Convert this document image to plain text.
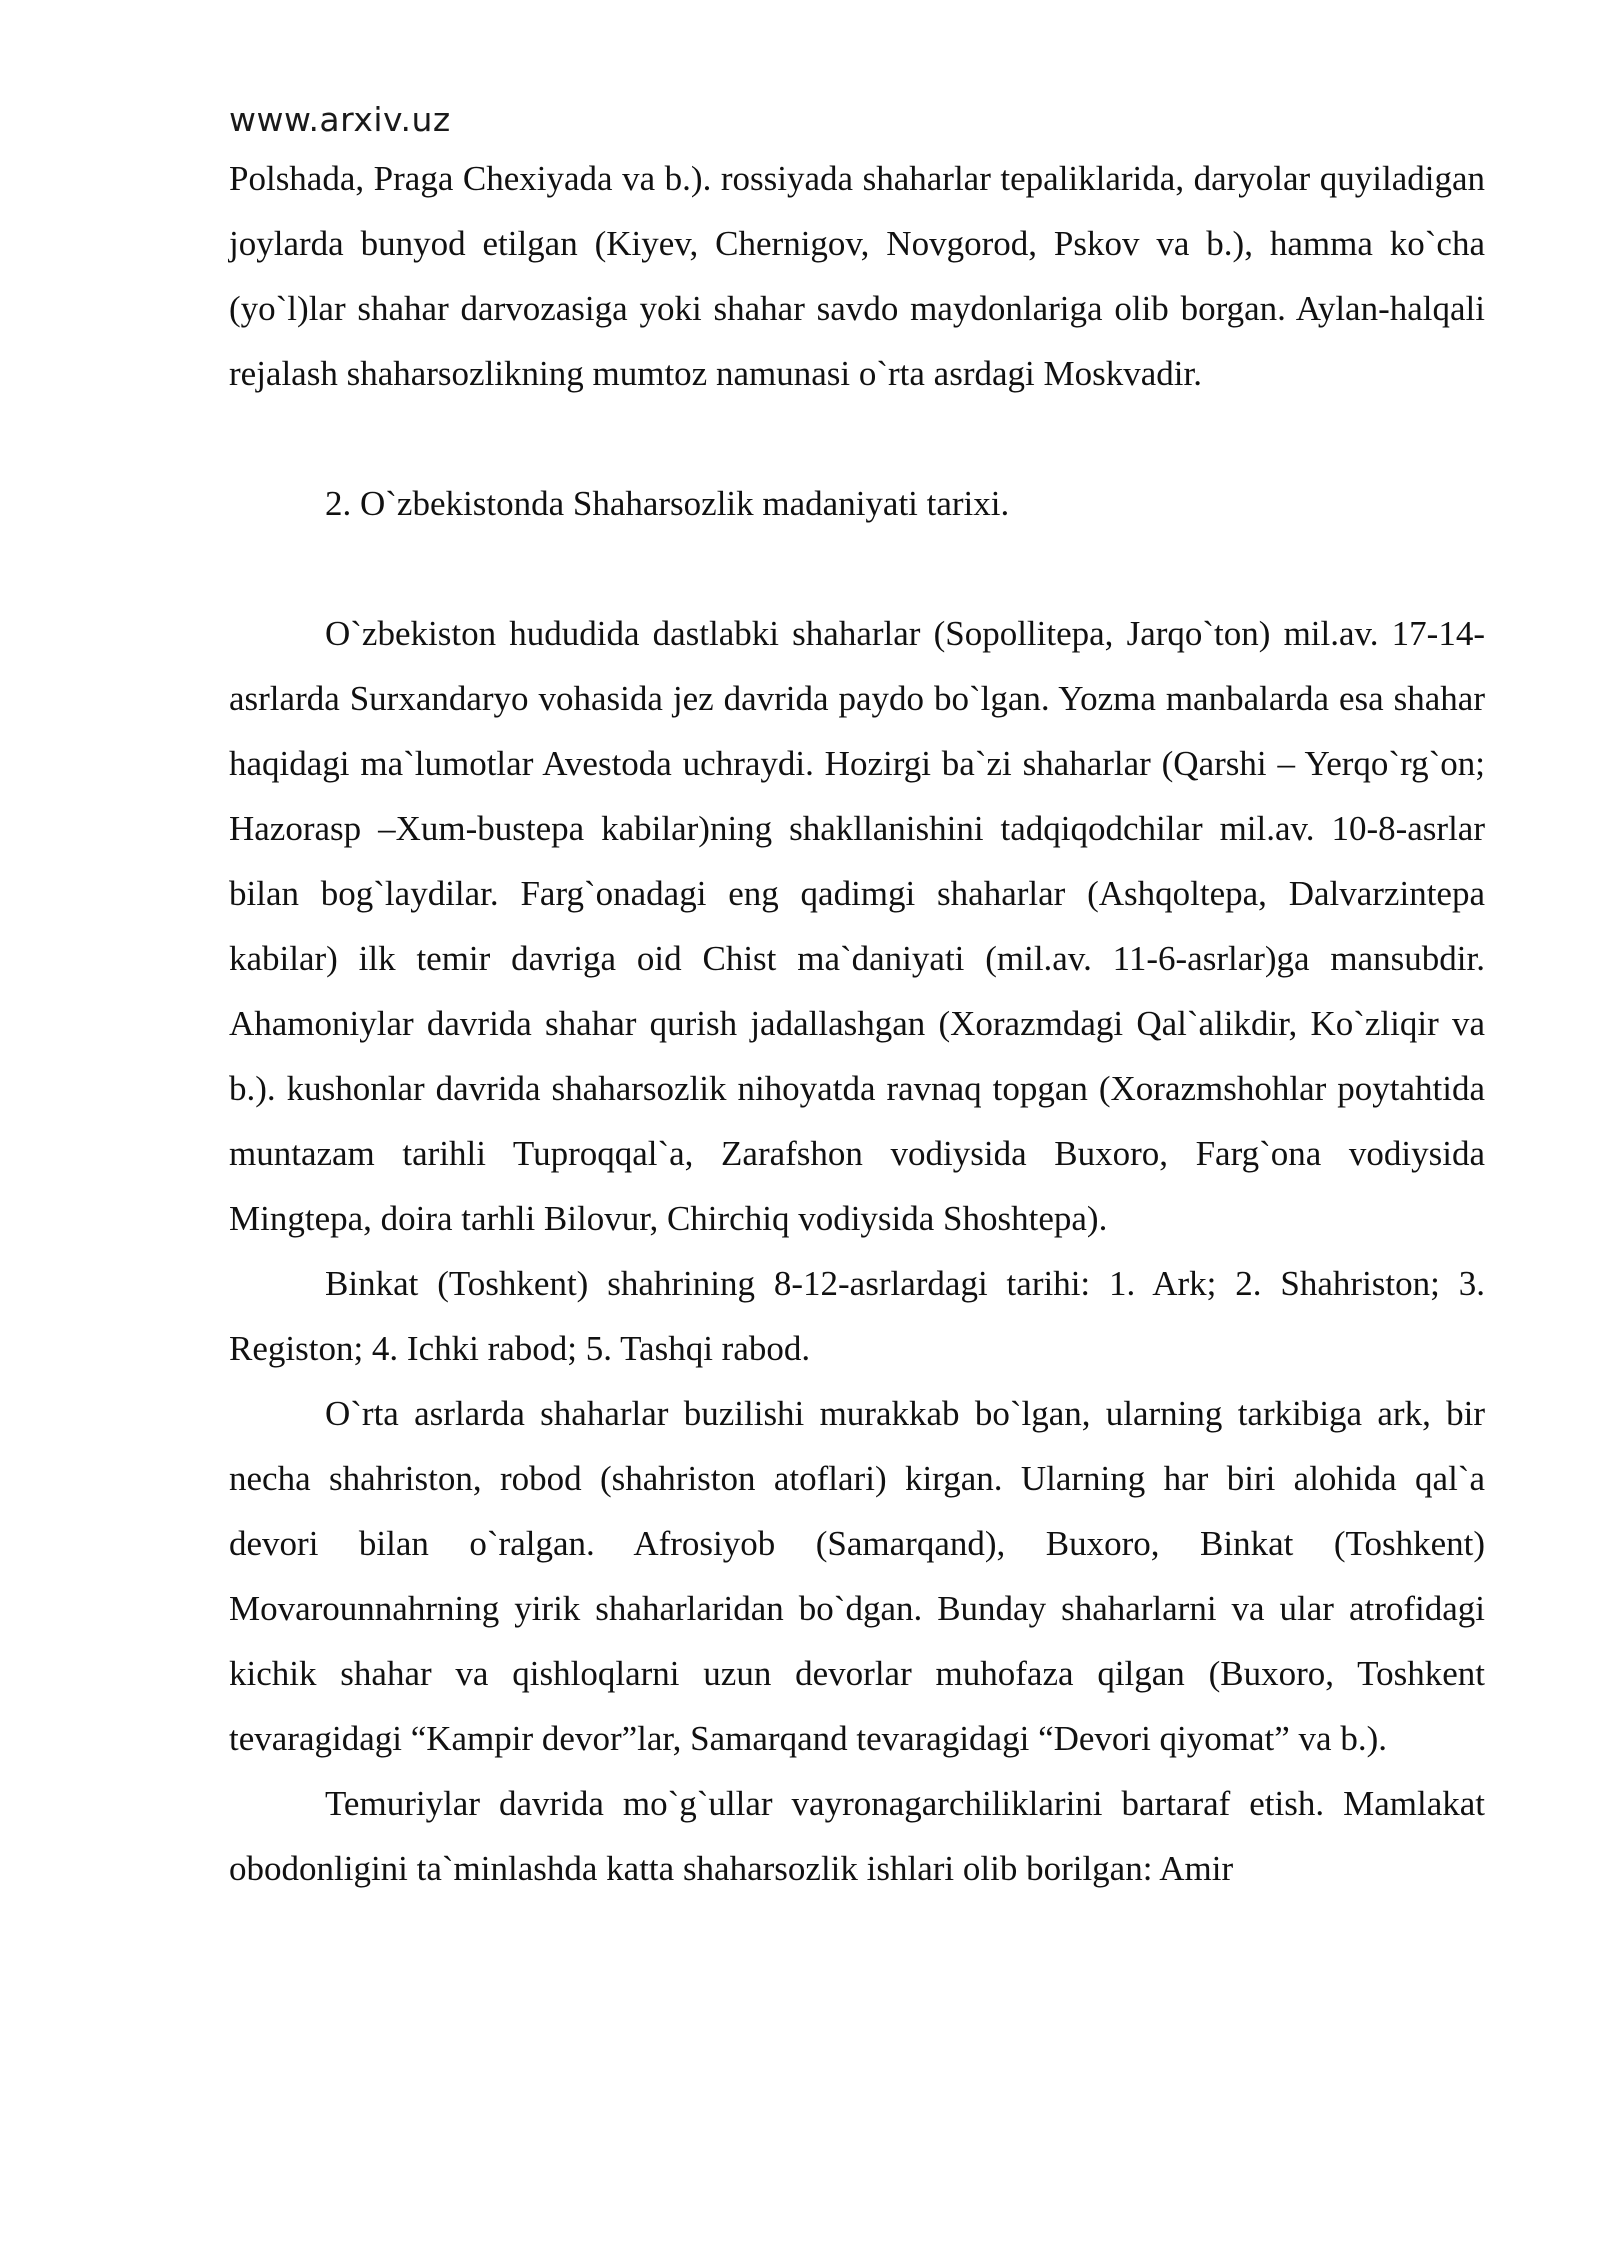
www.arxiv.uz

Polshada, Praga Chexiyada va b.). rossiyada shaharlar tepaliklarida, daryolar quyiladigan joylarda bunyod etilgan (Kiyev, Chernigov, Novgorod, Pskov va b.), hamma ko`cha (yo`l)lar shahar darvozasiga yoki shahar savdo maydonlariga olib borgan. Aylan-halqali rejalash shaharsozlikning mumtoz namunasi o`rta asrdagi Moskvadir.

2. O`zbekistonda Shaharsozlik madaniyati tarixi.

O`zbekiston hududida dastlabki shaharlar (Sopollitepa, Jarqo`ton) mil.av. 17-14- asrlarda Surxandaryo vohasida jez davrida paydo bo`lgan. Yozma manbalarda esa shahar haqidagi ma`lumotlar Avestoda uchraydi. Hozirgi ba`zi shaharlar (Qarshi – Yerqo`rg`on; Hazorasp –Xum-bustepa kabilar)ning shakllanishini tadqiqodchilar mil.av. 10-8-asrlar bilan bog`laydilar. Farg`onadagi eng qadimgi shaharlar (Ashqoltepa, Dalvarzintepa kabilar) ilk temir davriga oid Chist ma`daniyati (mil.av. 11-6-asrlar)ga mansubdir. Ahamoniylar davrida shahar qurish jadallashgan (Xorazmdagi Qal`alikdir, Ko`zliqir va b.). kushonlar davrida shaharsozlik nihoyatda ravnaq topgan (Xorazmshohlar poytahtida muntazam tarihli Tuproqqal`a, Zarafshon vodiysida Buxoro, Farg`ona vodiysida Mingtepa, doira tarhli Bilovur, Chirchiq vodiysida Shoshtepa).

Binkat (Toshkent) shahrining 8-12-asrlardagi tarihi: 1. Ark; 2. Shahriston; 3. Registon; 4. Ichki rabod; 5. Tashqi rabod.

O`rta asrlarda shaharlar buzilishi murakkab bo`lgan, ularning tarkibiga ark, bir necha shahriston, robod (shahriston atoflari) kirgan. Ularning har biri alohida qal`a devori bilan o`ralgan. Afrosiyob (Samarqand), Buxoro, Binkat (Toshkent) Movarounnahrning yirik shaharlaridan bo`dgan. Bunday shaharlarni va ular atrofidagi kichik shahar va qishloqlarni uzun devorlar muhofaza qilgan (Buxoro, Toshkent tevaragidagi “Kampir devor”lar, Samarqand tevaragidagi “Devori qiyomat” va b.).

Temuriylar davrida mo`g`ullar vayronagarchiliklarini bartaraf etish. Mamlakat obodonligini ta`minlashda katta shaharsozlik ishlari olib borilgan: Amir
